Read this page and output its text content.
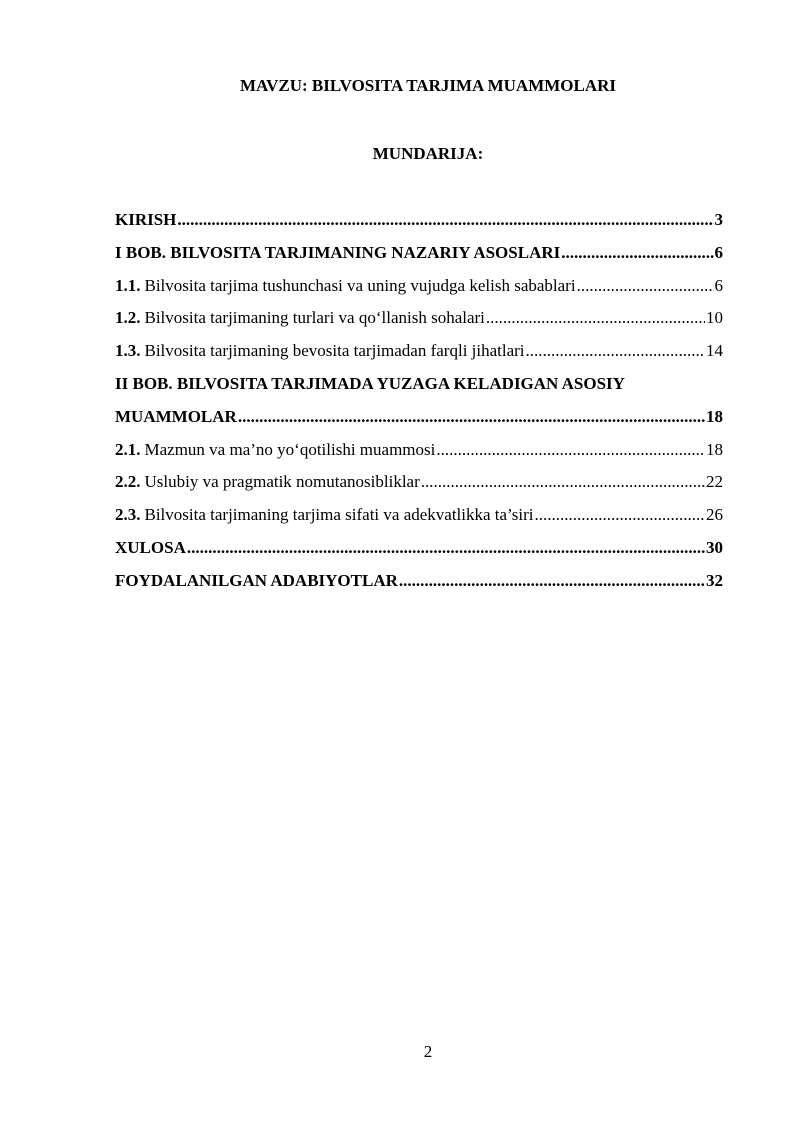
MAVZU: BILVOSITA TARJIMA MUAMMOLARI

MUNDARIJA:

KIRISH .....	3
I BOB. BILVOSITA TARJIMANING NAZARIY ASOSLARI .....	6
1.1. Bilvosita tarjima tushunchasi va uning vujudga kelish sabablari .....	6
1.2. Bilvosita tarjimaning turlari va qo‘llanish sohalari .....	10
1.3. Bilvosita tarjimaning bevosita tarjimadan farqli jihatlari .....	14
II BOB. BILVOSITA TARJIMADA YUZAGA KELADIGAN ASOSIY
MUAMMOLAR .....	18
2.1. Mazmun va ma’no yo‘qotilishi muammosi .....	18
2.2. Uslubiy va pragmatik nomutanosibliklar .....	22
2.3. Bilvosita tarjimaning tarjima sifati va adekvatlikka ta’siri .....	26
XULOSA .....	30
FOYDALANILGAN ADABIYOTLAR .....	32

2
